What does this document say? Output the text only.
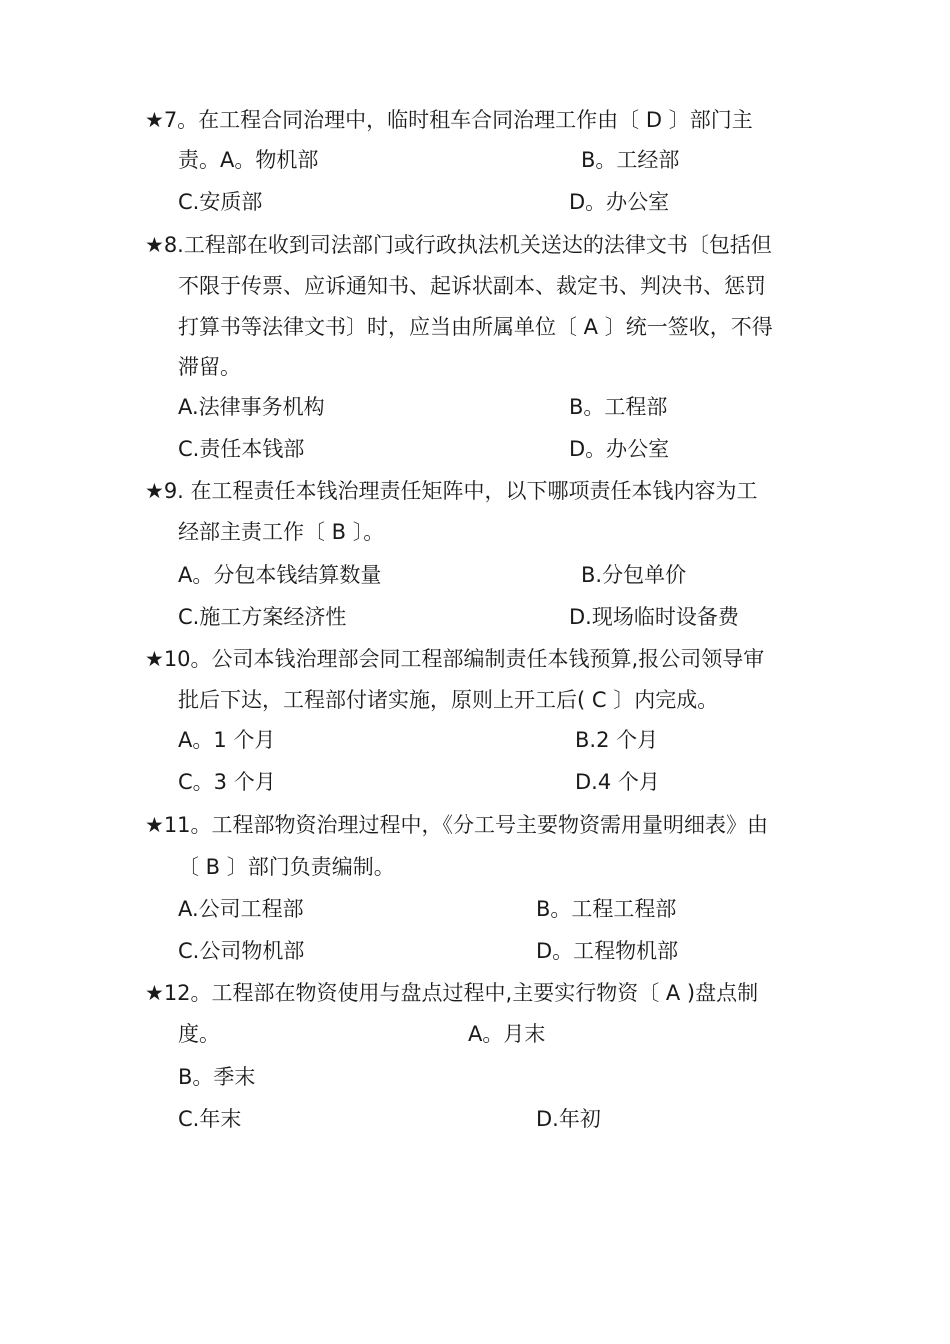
★7。在工程合同治理中，临时租车合同治理工作由〔 D 〕部门主
责。A。物机部	B。工经部
C.安质部	D。办公室
★8.工程部在收到司法部门或行政执法机关送达的法律文书〔包括但
不限于传票、应诉通知书、起诉状副本、裁定书、判决书、惩罚
打算书等法律文书〕时，应当由所属单位〔 A 〕统一签收，不得
滞留。
A.法律事务机构	B。工程部
C.责任本钱部	D。办公室
★9. 在工程责任本钱治理责任矩阵中，以下哪项责任本钱内容为工
经部主责工作〔 B 〕。
A。分包本钱结算数量	B.分包单价
C.施工方案经济性	D.现场临时设备费
★10。公司本钱治理部会同工程部编制责任本钱预算,报公司领导审
批后下达，工程部付诸实施，原则上开工后( C 〕内完成。
A。1 个月	B.2 个月
C。3 个月	D.4 个月
★11。工程部物资治理过程中，《分工号主要物资需用量明细表》由
〔 B 〕部门负责编制。
A.公司工程部	B。工程工程部
C.公司物机部	D。工程物机部
★12。工程部在物资使用与盘点过程中,主要实行物资〔 A )盘点制
度。	A。月末
B。季末
C.年末	D.年初
